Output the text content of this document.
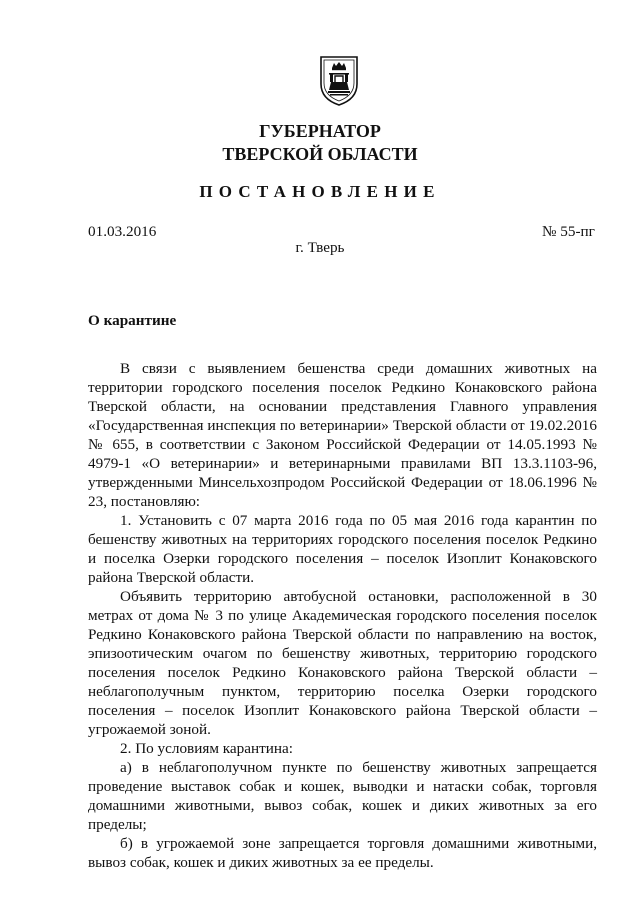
ГУБЕРНАТОР
ТВЕРСКОЙ ОБЛАСТИ
ПОСТАНОВЛЕНИЕ
01.03.2016	№ 55-пг
г. Тверь
О карантине

В связи с выявлением бешенства среди домашних животных на территории городского поселения поселок Редкино Конаковского района Тверской области, на основании представления Главного управления «Государственная инспекция по ветеринарии» Тверской области от 19.02.2016 № 655, в соответствии с Законом Российской Федерации от 14.05.1993 № 4979-1 «О ветеринарии» и ветеринарными правилами ВП 13.3.1103-96, утвержденными Минсельхозпродом Российской Федерации от 18.06.1996 № 23, постановляю:

1. Установить с 07 марта 2016 года по 05 мая 2016 года карантин по бешенству животных на территориях городского поселения поселок Редкино и поселка Озерки городского поселения – поселок Изоплит Конаковского района Тверской области.

Объявить территорию автобусной остановки, расположенной в 30 метрах от дома № 3 по улице Академическая городского поселения поселок Редкино Конаковского района Тверской области по направлению на восток, эпизоотическим очагом по бешенству животных, территорию городского поселения поселок Редкино Конаковского района Тверской области – неблагополучным пунктом, территорию поселка Озерки городского поселения – поселок Изоплит Конаковского района Тверской области – угрожаемой зоной.

2. По условиям карантина:

а) в неблагополучном пункте по бешенству животных запрещается проведение выставок собак и кошек, выводки и натаски собак, торговля домашними животными, вывоз собак, кошек и диких животных за его пределы;

б) в угрожаемой зоне запрещается торговля домашними животными, вывоз собак, кошек и диких животных за ее пределы.
